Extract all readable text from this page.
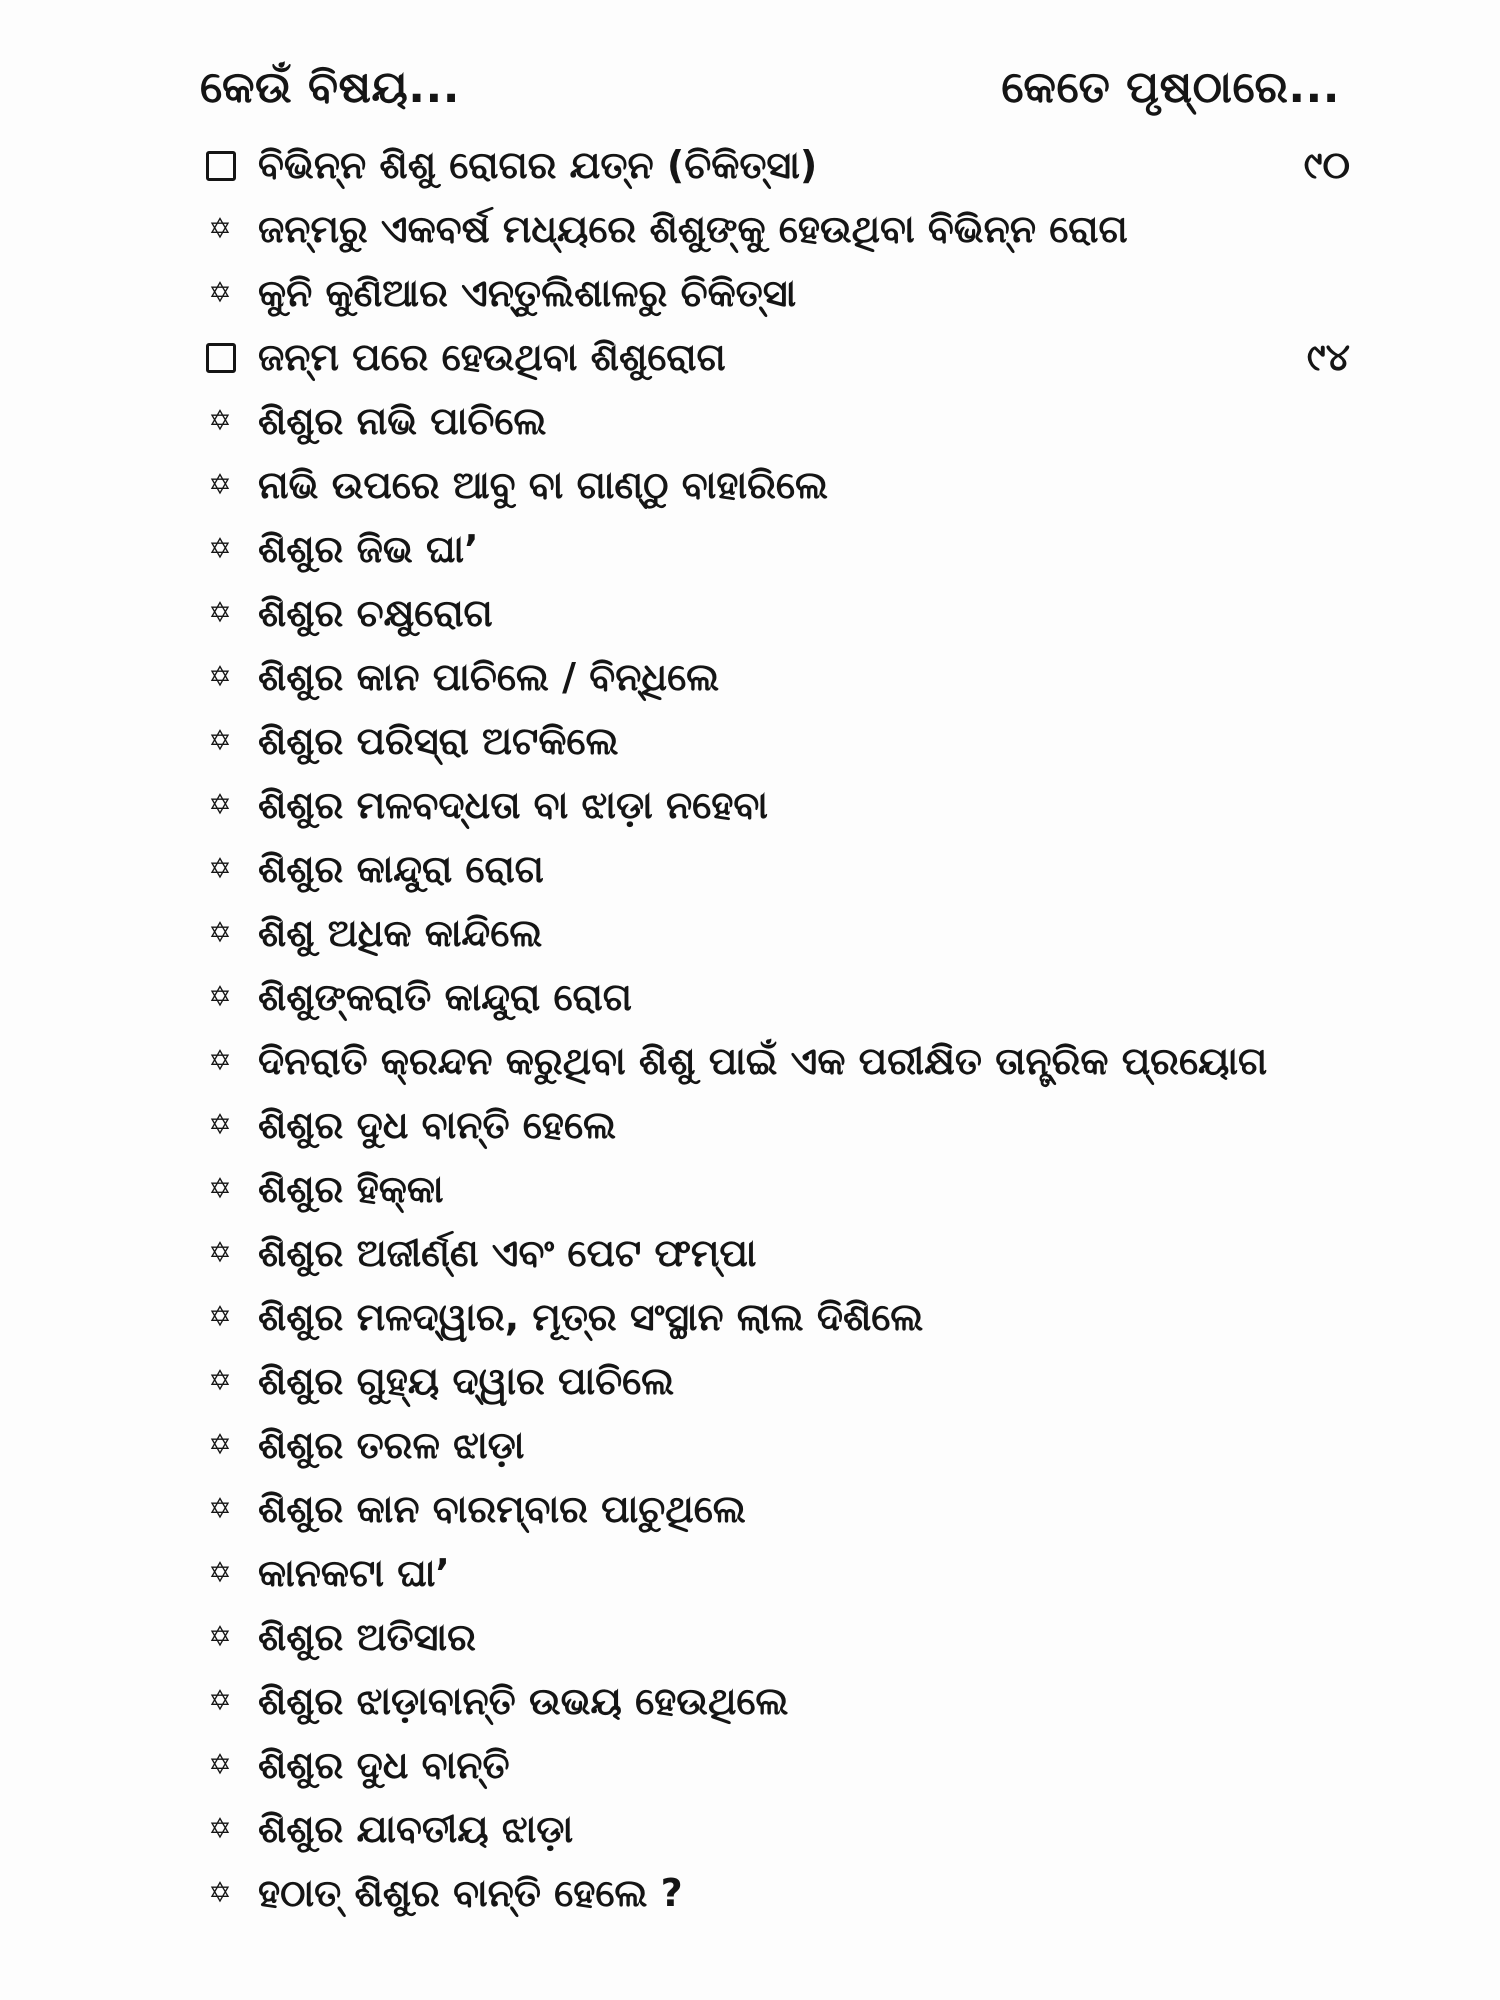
କେଉଁ ବିଷୟ...	କେତେ ପୃଷ୍ଠାରେ...
ବିଭିନ୍ନ ଶିଶୁ ରୋଗର ଯତ୍ନ (ଚିକିତ୍ସା)	୯୦
✡ ଜନ୍ମରୁ ଏକବର୍ଷ ମଧ୍ୟରେ ଶିଶୁଙ୍କୁ ହେଉଥିବା ବିଭିନ୍ନ ରୋଗ
✡ କୁନି କୁଣିଆର ଏନ୍ତୁଲିଶାଳରୁ ଚିକିତ୍ସା
ଜନ୍ମ ପରେ ହେଉଥିବା ଶିଶୁରୋଗ	୯୪
✡ ଶିଶୁର ନାଭି ପାଚିଲେ
✡ ନାଭି ଉପରେ ଆବୁ ବା ଗାଣ୍ଠୁ ବାହାରିଲେ
✡ ଶିଶୁର ଜିଭ ଘା’
✡ ଶିଶୁର ଚକ୍ଷୁରୋଗ
✡ ଶିଶୁର କାନ ପାଚିଲେ / ବିନ୍ଧିଲେ
✡ ଶିଶୁର ପରିସ୍ରା ଅଟକିଲେ
✡ ଶିଶୁର ମଳବଦ୍ଧତା ବା ଝାଡ଼ା ନହେବା
✡ ଶିଶୁର କାନ୍ଦୁରା ରୋଗ
✡ ଶିଶୁ ଅଧିକ କାନ୍ଦିଲେ
✡ ଶିଶୁଙ୍କରାତି କାନ୍ଦୁରା ରୋଗ
✡ ଦିନରାତି କ୍ରନ୍ଦନ କରୁଥିବା ଶିଶୁ ପାଇଁ ଏକ ପରୀକ୍ଷିତ ତାନ୍ତ୍ରିକ ପ୍ରୟୋଗ
✡ ଶିଶୁର ଦୁଧ ବାନ୍ତି ହେଲେ
✡ ଶିଶୁର ହିକ୍‌କା
✡ ଶିଶୁର ଅଜୀର୍ଣ୍ଣ ଏବଂ ପେଟ ଫମ୍ପା
✡ ଶିଶୁର ମଳଦ୍ୱାର, ମୂତ୍ର ସଂସ୍ଥାନ ଲାଲ ଦିଶିଲେ
✡ ଶିଶୁର ଗୁହ୍ୟ ଦ୍ୱାର ପାଚିଲେ
✡ ଶିଶୁର ତରଳ ଝାଡ଼ା
✡ ଶିଶୁର କାନ ବାରମ୍ବାର ପାଚୁଥିଲେ
✡ କାନକଟା ଘା’
✡ ଶିଶୁର ଅତିସାର
✡ ଶିଶୁର ଝାଡ଼ାବାନ୍ତି ଉଭୟ ହେଉଥିଲେ
✡ ଶିଶୁର ଦୁଧ ବାନ୍ତି
✡ ଶିଶୁର ଯାବତୀୟ ଝାଡ଼ା
✡ ହଠାତ୍ ଶିଶୁର ବାନ୍ତି ହେଲେ ?
